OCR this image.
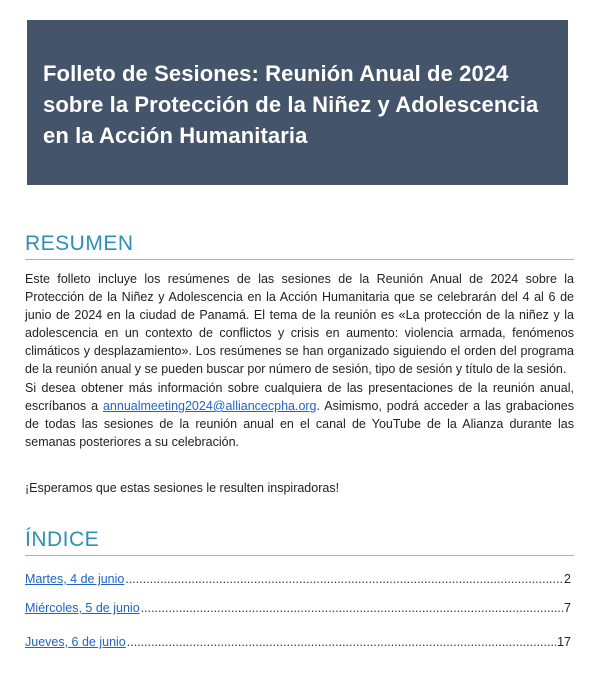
Folleto de Sesiones: Reunión Anual de 2024
sobre la Protección de la Niñez y Adolescencia
en la Acción Humanitaria
RESUMEN

Este folleto incluye los resúmenes de las sesiones de la Reunión Anual de 2024 sobre la Protección de la Niñez y Adolescencia en la Acción Humanitaria que se celebrarán del 4 al 6 de junio de 2024 en la ciudad de Panamá. El tema de la reunión es «La protección de la niñez y la adolescencia en un contexto de conflictos y crisis en aumento: violencia armada, fenómenos climáticos y desplazamiento». Los resúmenes se han organizado siguiendo el orden del programa de la reunión anual y se pueden buscar por número de sesión, tipo de sesión y título de la sesión.

Si desea obtener más información sobre cualquiera de las presentaciones de la reunión anual, escríbanos a annualmeeting2024@alliancecpha.org. Asimismo, podrá acceder a las grabaciones de todas las sesiones de la reunión anual en el canal de YouTube de la Alianza durante las semanas posteriores a su celebración.

¡Esperamos que estas sesiones le resulten inspiradoras!

ÍNDICE
Martes, 4 de junio .....	2
Miércoles, 5 de junio .....	7
Jueves, 6 de junio .....	17
